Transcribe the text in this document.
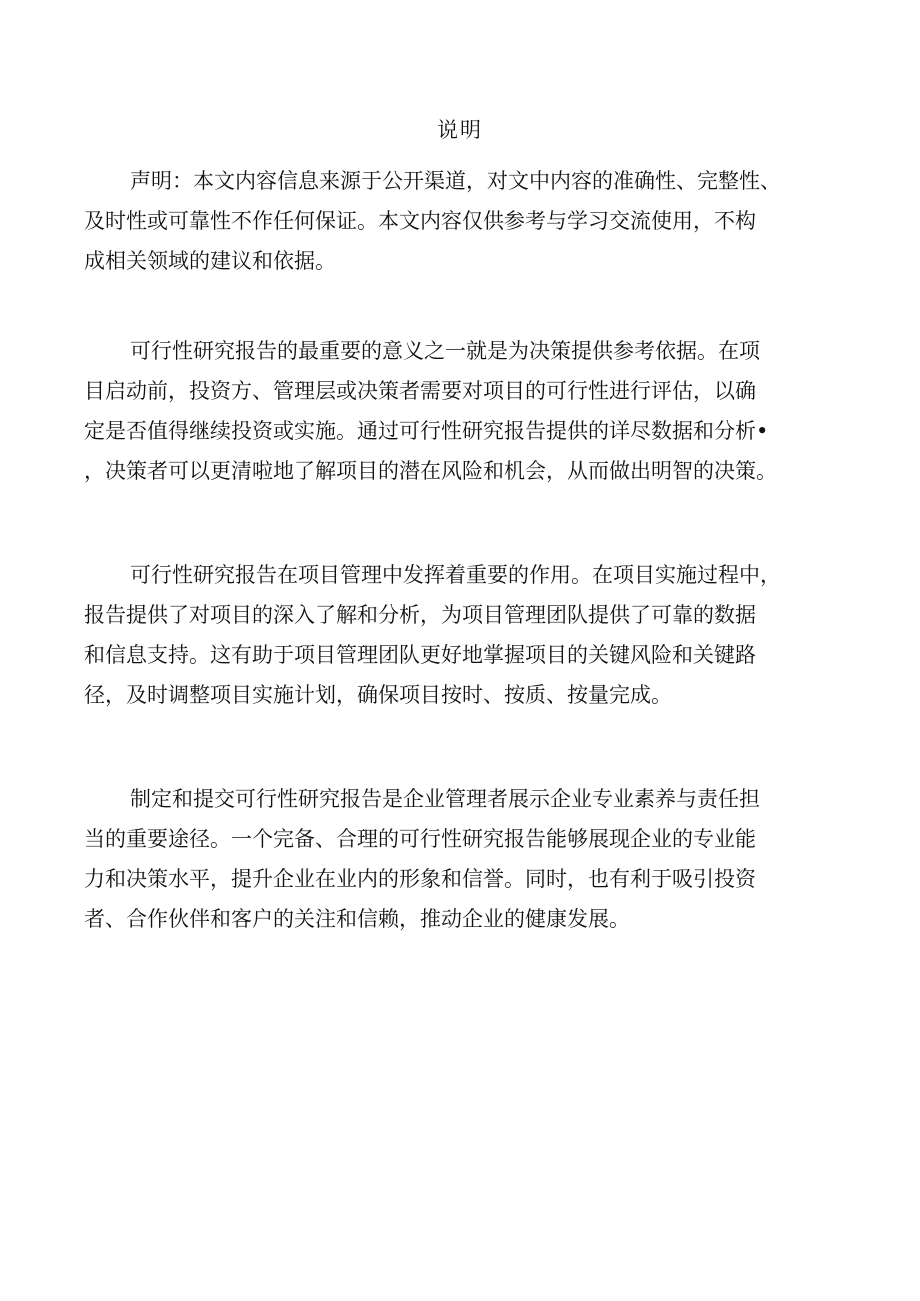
说明
声明：本文内容信息来源于公开渠道，对文中内容的准确性、完整性、
及时性或可靠性不作任何保证。本文内容仅供参考与学习交流使用，不构
成相关领域的建议和依据。
可行性研究报告的最重要的意义之一就是为决策提供参考依据。在项
目启动前，投资方、管理层或决策者需要对项目的可行性进行评估，以确
定是否值得继续投资或实施。通过可行性研究报告提供的详尽数据和分析•
，决策者可以更清啦地了解项目的潜在风险和机会，从而做出明智的决策。
可行性研究报告在项目管理中发挥着重要的作用。在项目实施过程中，
报告提供了对项目的深入了解和分析，为项目管理团队提供了可靠的数据
和信息支持。这有助于项目管理团队更好地掌握项目的关键风险和关键路
径，及时调整项目实施计划，确保项目按时、按质、按量完成。
制定和提交可行性研究报告是企业管理者展示企业专业素养与责任担
当的重要途径。一个完备、合理的可行性研究报告能够展现企业的专业能
力和决策水平，提升企业在业内的形象和信誉。同时，也有利于吸引投资
者、合作伙伴和客户的关注和信赖，推动企业的健康发展。
